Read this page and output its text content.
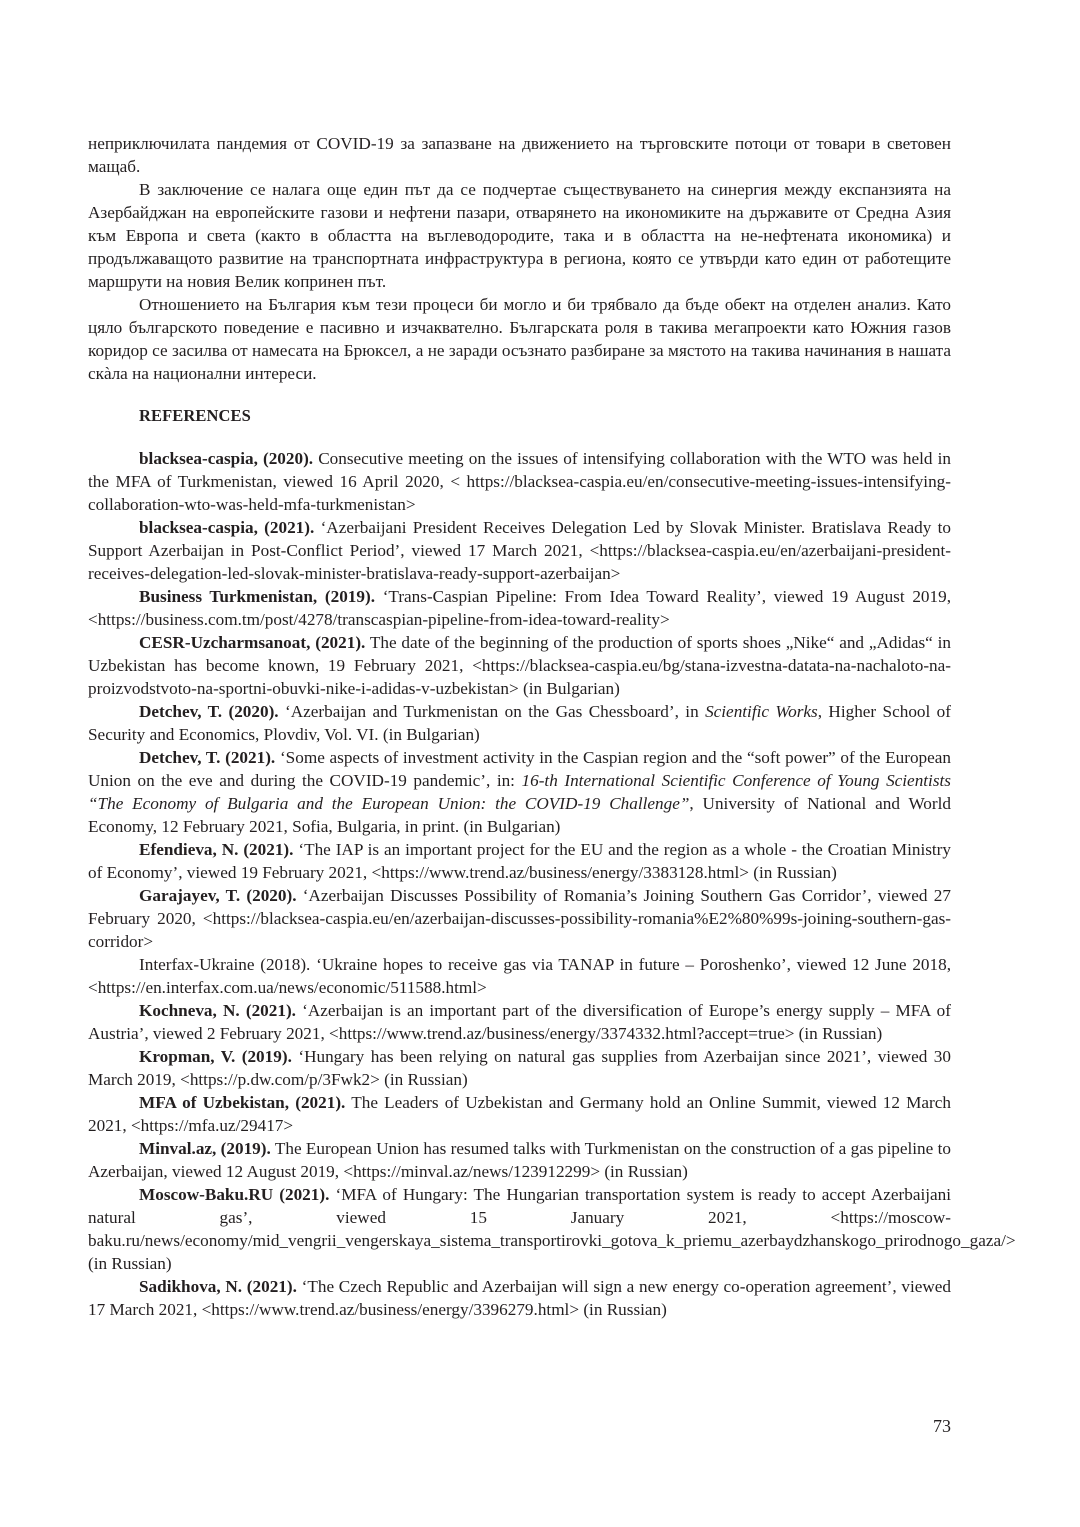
неприключилата пандемия от COVID-19 за запазване на движението на търговските потоци от товари в световен мащаб.

В заключение се налага още един път да се подчертае съществуването на синергия между експанзията на Азербайджан на европейските газови и нефтени пазари, отварянето на икономиките на държавите от Средна Азия към Европа и света (както в областта на въглеводородите, така и в областта на не-нефтената икономика) и продължаващото развитие на транспортната инфраструктура в региона, която се утвърди като един от работещите маршрути на новия Велик копринен път.

Отношението на България към тези процеси би могло и би трябвало да бъде обект на отделен анализ. Като цяло българското поведение е пасивно и изчаквателно. Българската роля в такива мегапроекти като Южния газов коридор се засилва от намесата на Брюксел, а не заради осъзнато разбиране за мястото на такива начинания в нашата скàла на национални интереси.

REFERENCES

blacksea-caspia, (2020). Consecutive meeting on the issues of intensifying collaboration with the WTO was held in the MFA of Turkmenistan, viewed 16 April 2020, < https://blacksea-caspia.eu/en/consecutive-meeting-issues-intensifying-collaboration-wto-was-held-mfa-turkmenistan>

blacksea-caspia, (2021). ‘Azerbaijani President Receives Delegation Led by Slovak Minister. Bratislava Ready to Support Azerbaijan in Post-Conflict Period’, viewed 17 March 2021, <https://blacksea-caspia.eu/en/azerbaijani-president-receives-delegation-led-slovak-minister-bratislava-ready-support-azerbaijan>

Business Turkmenistan, (2019). ‘Trans-Caspian Pipeline: From Idea Toward Reality’, viewed 19 August 2019, <https://business.com.tm/post/4278/transcaspian-pipeline-from-idea-toward-reality>

CESR-Uzcharmsanoat, (2021). The date of the beginning of the production of sports shoes „Nike“ and „Adidas“ in Uzbekistan has become known, 19 February 2021, <https://blacksea-caspia.eu/bg/stana-izvestna-datata-na-nachaloto-na-proizvodstvoto-na-sportni-obuvki-nike-i-adidas-v-uzbekistan> (in Bulgarian)

Detchev, T. (2020). ‘Azerbaijan and Turkmenistan on the Gas Chessboard’, in Scientific Works, Higher School of Security and Economics, Plovdiv, Vol. VI. (in Bulgarian)

Detchev, T. (2021). ‘Some aspects of investment activity in the Caspian region and the “soft power” of the European Union on the eve and during the COVID-19 pandemic’, in: 16-th International Scientific Conference of Young Scientists “The Economy of Bulgaria and the European Union: the COVID-19 Challenge”, University of National and World Economy, 12 February 2021, Sofia, Bulgaria, in print. (in Bulgarian)

Efendieva, N. (2021). ‘The IAP is an important project for the EU and the region as a whole - the Croatian Ministry of Economy’, viewed 19 February 2021, <https://www.trend.az/business/energy/3383128.html> (in Russian)

Garajayev, T. (2020). ‘Azerbaijan Discusses Possibility of Romania’s Joining Southern Gas Corridor’, viewed 27 February 2020, <https://blacksea-caspia.eu/en/azerbaijan-discusses-possibility-romania%E2%80%99s-joining-southern-gas-corridor>

Interfax-Ukraine (2018). ‘Ukraine hopes to receive gas via TANAP in future – Poroshenko’, viewed 12 June 2018, <https://en.interfax.com.ua/news/economic/511588.html>

Kochneva, N. (2021). ‘Azerbaijan is an important part of the diversification of Europe’s energy supply – MFA of Austria’, viewed 2 February 2021, <https://www.trend.az/business/energy/3374332.html?accept=true> (in Russian)

Kropman, V. (2019). ‘Hungary has been relying on natural gas supplies from Azerbaijan since 2021’, viewed 30 March 2019, <https://p.dw.com/p/3Fwk2> (in Russian)

MFA of Uzbekistan, (2021). The Leaders of Uzbekistan and Germany hold an Online Summit, viewed 12 March 2021, <https://mfa.uz/29417>

Minval.az, (2019). The European Union has resumed talks with Turkmenistan on the construction of a gas pipeline to Azerbaijan, viewed 12 August 2019, <https://minval.az/news/123912299> (in Russian)

Moscow-Baku.RU (2021). ‘MFA of Hungary: The Hungarian transportation system is ready to accept Azerbaijani natural gas’, viewed 15 January 2021, <https://moscow-baku.ru/news/economy/mid_vengrii_vengerskaya_sistema_transportirovki_gotova_k_priemu_azerbaydzhanskogo_prirodnogo_gaza/> (in Russian)

Sadikhova, N. (2021). ‘The Czech Republic and Azerbaijan will sign a new energy co-operation agreement’, viewed 17 March 2021, <https://www.trend.az/business/energy/3396279.html> (in Russian)

73
